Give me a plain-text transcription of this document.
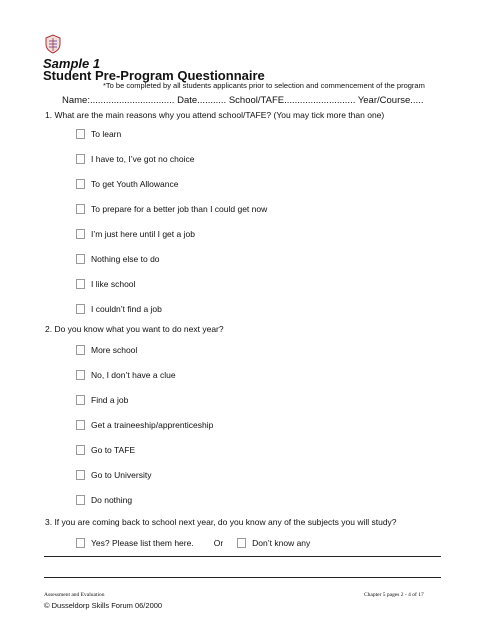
Sample 1
Student Pre-Program Questionnaire
*To be completed by all students applicants prior to selection and commencement of the program
Name:................................ Date........... School/TAFE........................... Year/Course.....
1. What are the main reasons why you attend school/TAFE? (You may tick more than one)
To learn
I have to, I’ve got no choice
To get Youth Allowance
To prepare for a better job than I could get now
I’m just here until I get a job
Nothing else to do
I like school
I couldn’t find a job
2. Do you know what you want to do next year?
More school
No, I don’t have a clue
Find a job
Get a traineeship/apprenticeship
Go to TAFE
Go to University
Do nothing
3. If you are coming back to school next year, do you know any of the subjects you will study?
Yes? Please list them here. Or	Don’t know any
Assessment and Evaluation	Chapter 5 pages 2 - 4 of 17
© Dusseldorp Skills Forum 06/2000
